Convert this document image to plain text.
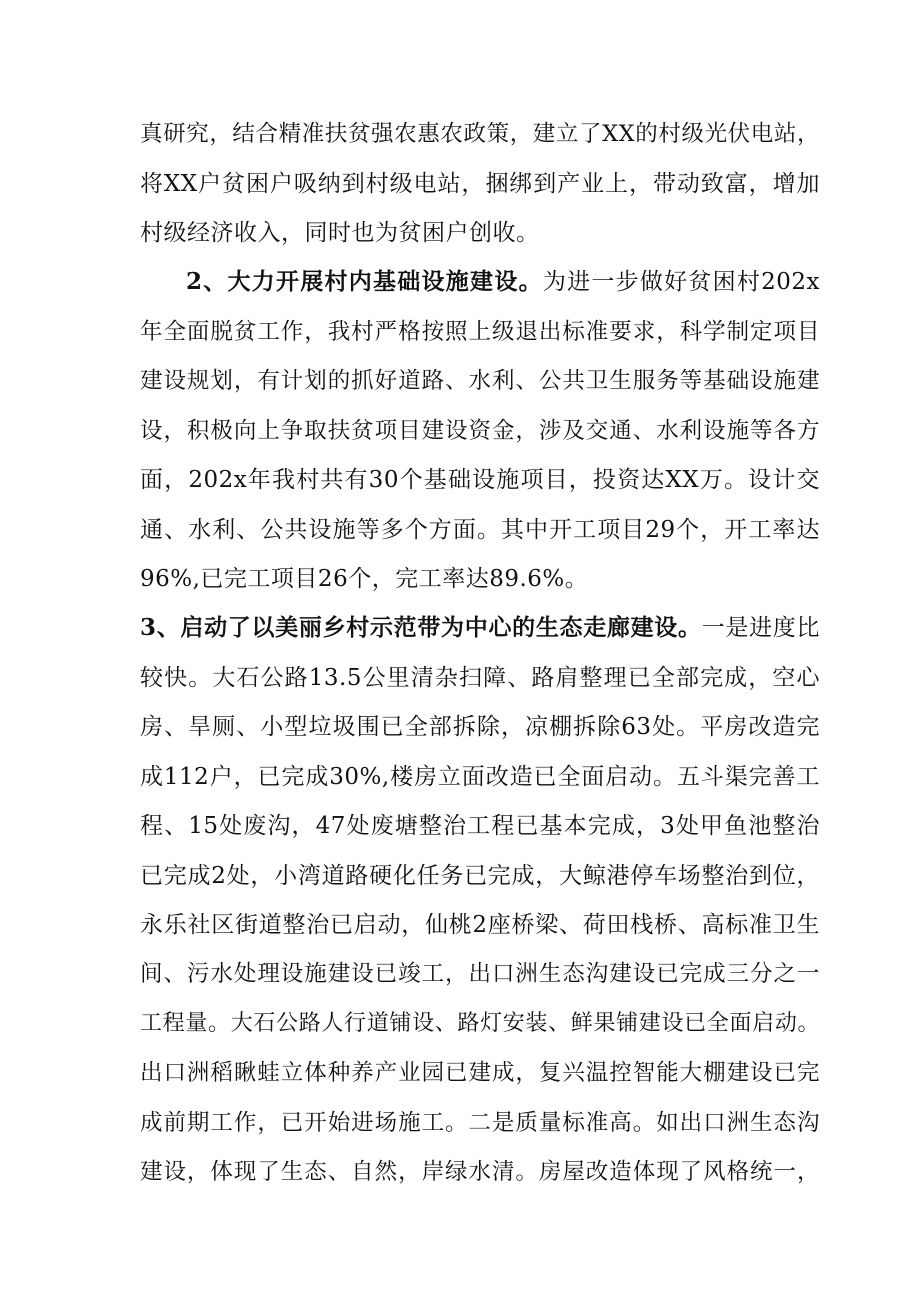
真研究，结合精准扶贫强农惠农政策，建立了XX的村级光伏电站，
将XX户贫困户吸纳到村级电站，捆绑到产业上，带动致富，增加
村级经济收入，同时也为贫困户创收。
2、大力开展村内基础设施建设。为进一步做好贫困村202x
年全面脱贫工作，我村严格按照上级退出标准要求，科学制定项目
建设规划，有计划的抓好道路、水利、公共卫生服务等基础设施建
设，积极向上争取扶贫项目建设资金，涉及交通、水利设施等各方
面，202x年我村共有30个基础设施项目，投资达XX万。设计交
通、水利、公共设施等多个方面。其中开工项目29个，开工率达
96%,已完工项目26个，完工率达89.6%。
3、启动了以美丽乡村示范带为中心的生态走廊建设。一是进度比
较快。大石公路13.5公里清杂扫障、路肩整理已全部完成，空心
房、旱厕、小型垃圾围已全部拆除，凉棚拆除63处。平房改造完
成112户，已完成30%,楼房立面改造已全面启动。五斗渠完善工
程、15处废沟，47处废塘整治工程已基本完成，3处甲鱼池整治
已完成2处，小湾道路硬化任务已完成，大鲸港停车场整治到位，
永乐社区街道整治已启动，仙桃2座桥梁、荷田栈桥、高标准卫生
间、污水处理设施建设已竣工，出口洲生态沟建设已完成三分之一
工程量。大石公路人行道铺设、路灯安装、鲜果铺建设已全面启动。
出口洲稻瞅蛙立体种养产业园已建成，复兴温控智能大棚建设已完
成前期工作，已开始进场施工。二是质量标准高。如出口洲生态沟
建设，体现了生态、自然，岸绿水清。房屋改造体现了风格统一，
